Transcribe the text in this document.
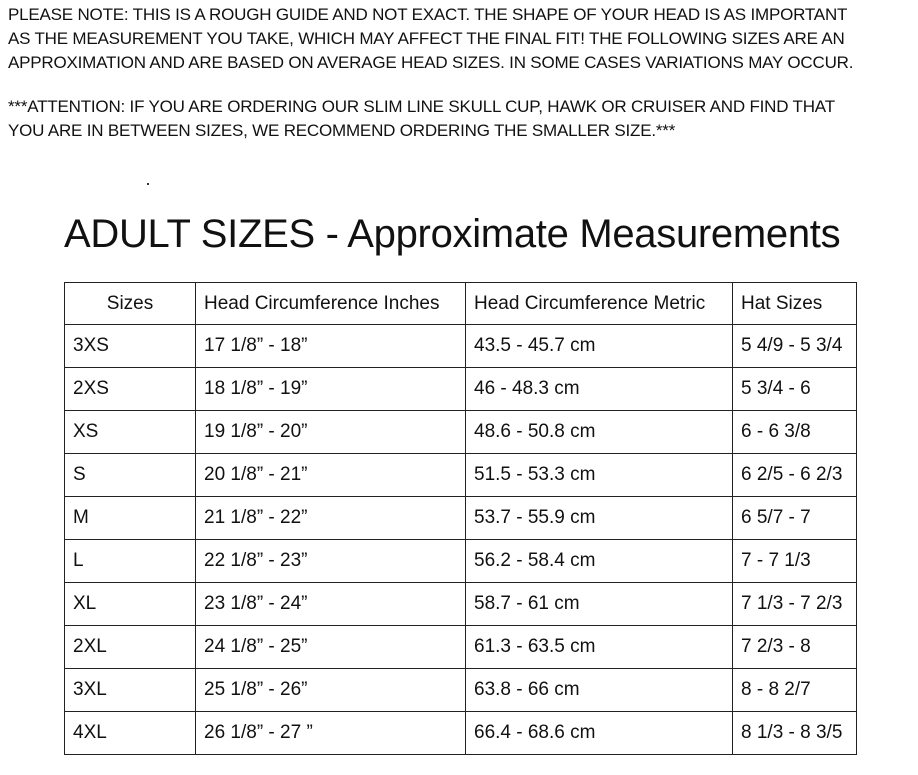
PLEASE NOTE: THIS IS A ROUGH GUIDE AND NOT EXACT. THE SHAPE OF YOUR HEAD IS AS IMPORTANT
AS THE MEASUREMENT YOU TAKE, WHICH MAY AFFECT THE FINAL FIT! THE FOLLOWING SIZES ARE AN
APPROXIMATION AND ARE BASED ON AVERAGE HEAD SIZES. IN SOME CASES VARIATIONS MAY OCCUR.

***ATTENTION: IF YOU ARE ORDERING OUR SLIM LINE SKULL CUP, HAWK OR CRUISER AND FIND THAT
YOU ARE IN BETWEEN SIZES, WE RECOMMEND ORDERING THE SMALLER SIZE.***

ADULT SIZES - Approximate Measurements
Sizes	Head Circumference Inches	Head Circumference Metric	Hat Sizes
3XS	17 1/8” - 18”	43.5 - 45.7 cm	5 4/9 - 5 3/4
2XS	18 1/8” - 19”	46 - 48.3 cm	5 3/4 - 6
XS	19 1/8” - 20”	48.6 - 50.8 cm	6 - 6 3/8
S	20 1/8” - 21”	51.5 - 53.3 cm	6 2/5 - 6 2/3
M	21 1/8” - 22”	53.7 - 55.9 cm	6 5/7 - 7
L	22 1/8” - 23”	56.2 - 58.4 cm	7 - 7 1/3
XL	23 1/8” - 24”	58.7 - 61 cm	7 1/3 - 7 2/3
2XL	24 1/8” - 25”	61.3 - 63.5 cm	7 2/3 - 8
3XL	25 1/8” - 26”	63.8 - 66 cm	8 - 8 2/7
4XL	26 1/8” - 27 ”	66.4 - 68.6 cm	8 1/3 - 8 3/5
